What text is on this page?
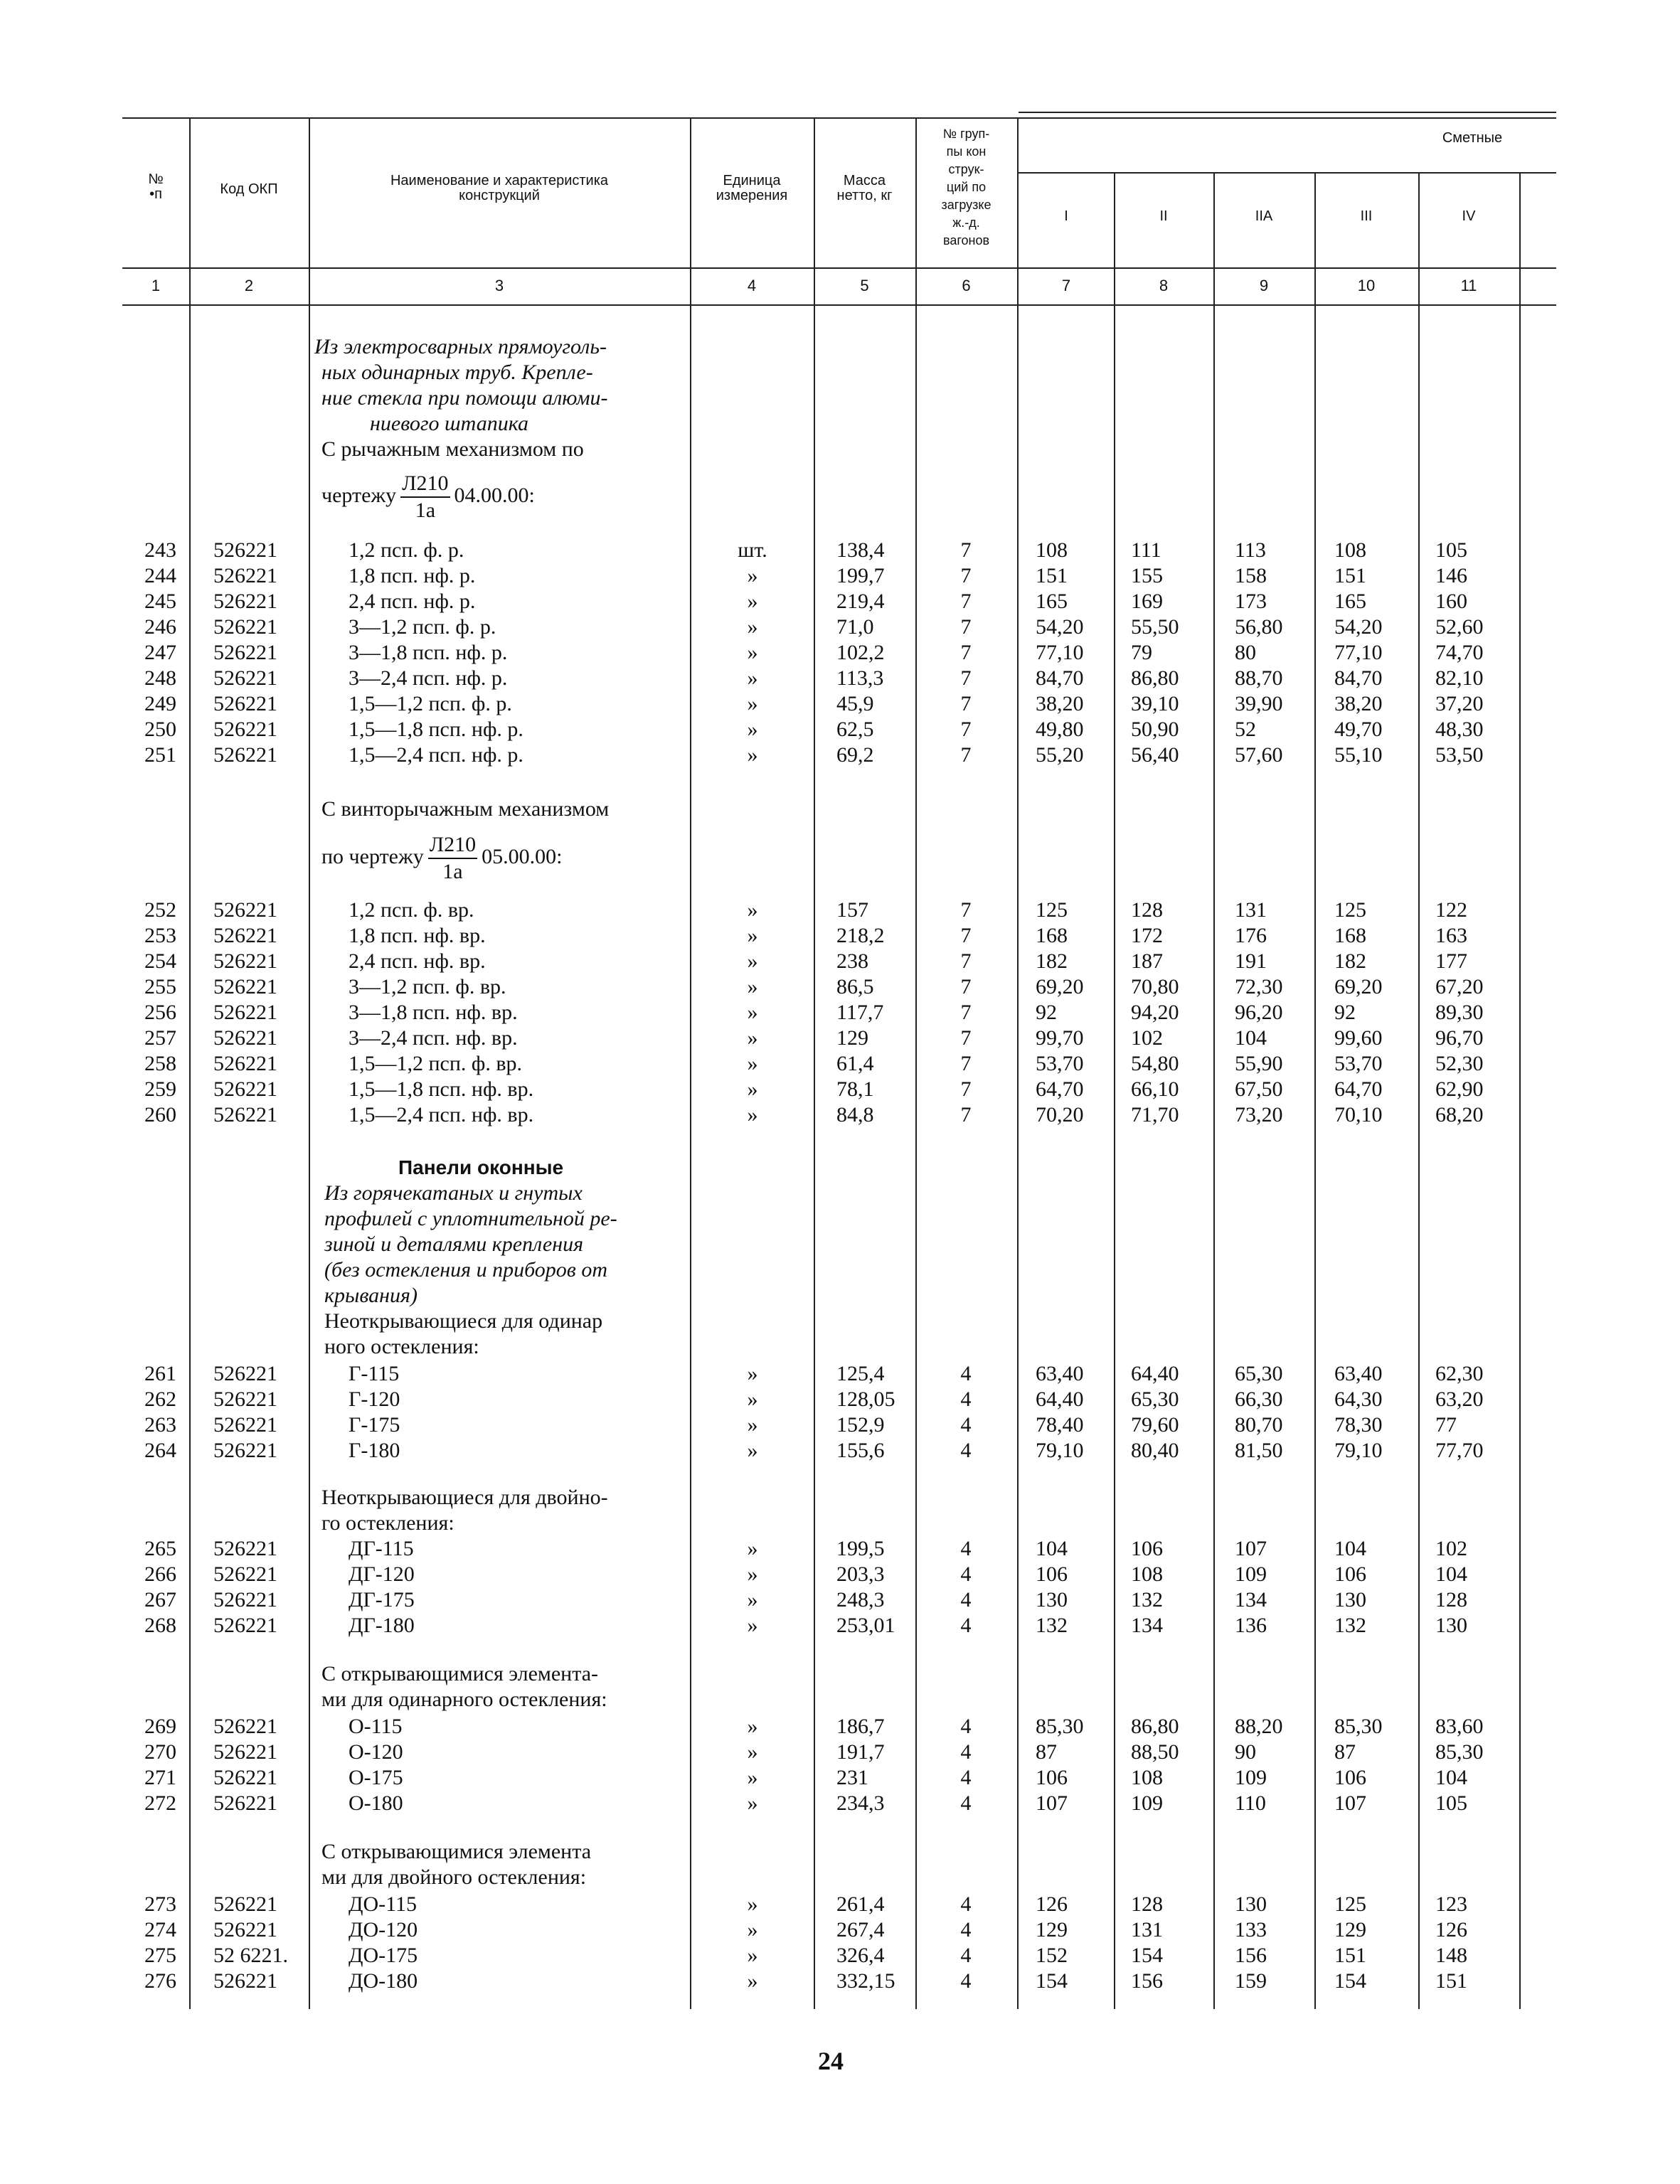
№
•п	Код ОКП
Наименование и характеристика
конструкций
Единица
измерения
Масса
нетто, кг
№ груп-
пы кон
струк-
ций по
загрузке
ж.-д.
вагонов
Сметные
I	II	IIA	III	IV
1	2	3	4	5	6	7	8	9	10	11
Из электросварных прямоуголь-
ных одинарных труб. Крепле-
ние стекла при помощи алюми-
ниевого штапика
С рычажным механизмом по
чертежу $\frac{Л210}{1а} 04.00.00$:
С винторычажным механизмом
по чертежу $\frac{Л210}{1а} 05.00.00$:
Панели оконные
Из горячекатаных и гнутых
профилей с уплотнительной ре-
зиной и деталями крепления
(без остекления и приборов от
крывания)
Неоткрывающиеся для одинар
ного остекления:
Неоткрывающиеся для двойно-
го остекления:
С открывающимися элемента-
ми для одинарного остекления:
С открывающимися элемента
ми для двойного остекления:
243 526221	1,2 псп. ф. р.	шт.	138,4	7	108	111	113	108	105
244 526221	1,8 псп. нф. р.	»	199,7	7	151	155	158	151	146
245 526221	2,4 псп. нф. р.	»	219,4	7	165	169	173	165	160
246 526221	3—1,2 псп. ф. р.	»	71,0	7	54,20 55,50	56,80 54,20 52,60
247 526221	3—1,8 псп. нф. р.	»	102,2	7	77,10 79	80	77,10 74,70
248 526221	3—2,4 псп. нф. р.	»	113,3	7	84,70 86,80	88,70 84,70 82,10
249 526221	1,5—1,2 псп. ф. р.	»	45,9	7	38,20 39,10	39,90 38,20 37,20
250 526221	1,5—1,8 псп. нф. р.	»	62,5	7	49,80 50,90	52	49,70 48,30
251 526221	1,5—2,4 псп. нф. р.	»	69,2	7	55,20 56,40	57,60 55,10 53,50
252 526221	1,2 псп. ф. вр.	»	157	7	125	128	131	125	122
253 526221	1,8 псп. нф. вр.	»	218,2	7	168	172	176	168	163
254 526221	2,4 псп. нф. вр.	»	238	7	182	187	191	182	177
255 526221	3—1,2 псп. ф. вр.	»	86,5	7	69,20 70,80	72,30 69,20 67,20
256 526221	3—1,8 псп. нф. вр.	»	117,7	7	92	94,20	96,20 92	89,30
257 526221	3—2,4 псп. нф. вр.	»	129	7	99,70 102	104	99,60 96,70
258 526221	1,5—1,2 псп. ф. вр.	»	61,4	7	53,70 54,80	55,90 53,70 52,30
259 526221	1,5—1,8 псп. нф. вр.	»	78,1	7	64,70 66,10	67,50 64,70 62,90
260 526221	1,5—2,4 псп. нф. вр.	»	84,8	7	70,20 71,70	73,20 70,10 68,20
261 526221	Г-115	»	125,4	4	63,40 64,40	65,30 63,40 62,30
262 526221	Г-120	»	128,05	4	64,40 65,30	66,30 64,30 63,20
263 526221	Г-175	»	152,9	4	78,40 79,60	80,70 78,30 77
264 526221	Г-180	»	155,6	4	79,10 80,40	81,50 79,10 77,70
265 526221	ДГ-115	»	199,5	4	104	106	107	104	102
266 526221	ДГ-120	»	203,3	4	106	108	109	106	104
267 526221	ДГ-175	»	248,3	4	130	132	134	130	128
268 526221	ДГ-180	»	253,01	4	132	134	136	132	130
269 526221	О-115	»	186,7	4	85,30 86,80	88,20 85,30 83,60
270 526221	О-120	»	191,7	4	87	88,50	90	87	85,30
271 526221	О-175	»	231	4	106	108	109	106	104
272 526221	О-180	»	234,3	4	107	109	110	107	105
273 526221	ДО-115	»	261,4	4	126	128	130	125	123
274 526221	ДО-120	»	267,4	4	129	131	133	129	126
275 52 6221.	ДО-175	»	326,4	4	152	154	156	151	148
276 526221	ДО-180	»	332,15	4	154	156	159	154	151
24
